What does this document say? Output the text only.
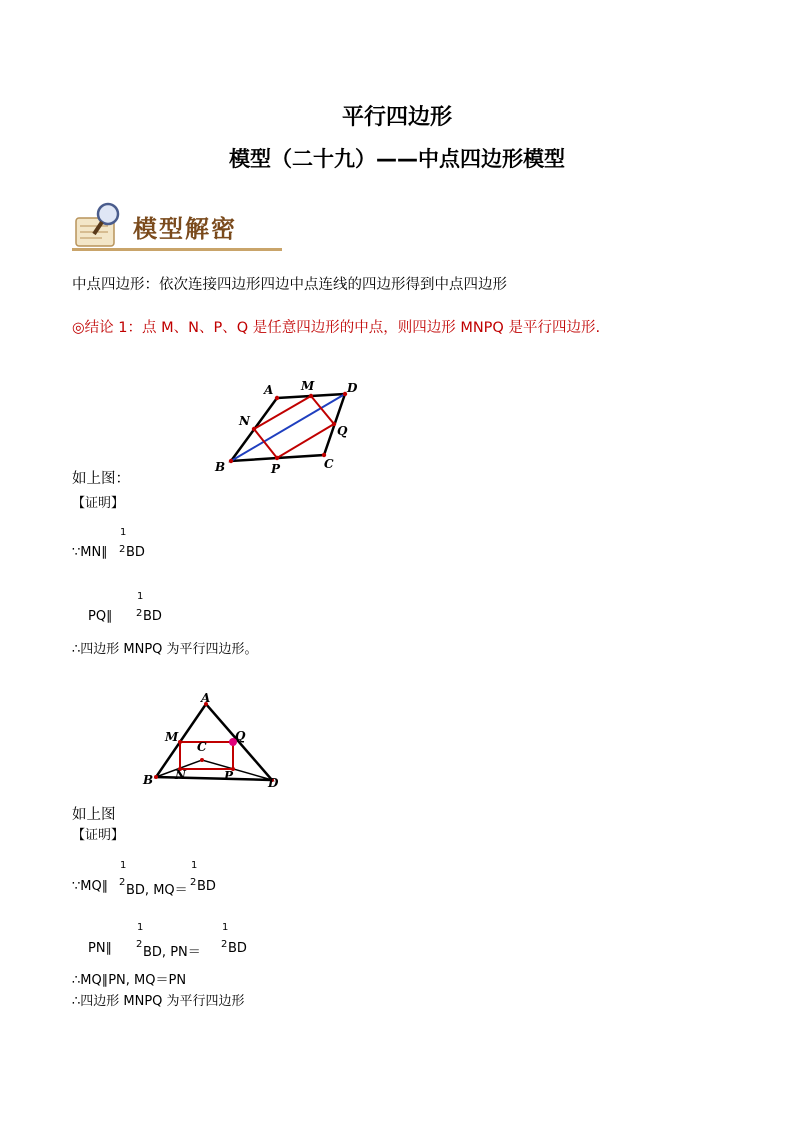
平行四边形
模型（二十九）——中点四边形模型
模型解密
中点四边形：依次连接四边形四边中点连线的四边形得到中点四边形
◎结论 1：点 M、N、P、Q 是任意四边形的中点，则四边形 MNPQ 是平行四边形.
A M	D
N
Q
B	P	C
如上图：
【证明】
∵MN∥
1
2 BD
PQ∥
1
2 BD
∴四边形 MNPQ 为平行四边形。
A
M	Q
C
B N	P	D
如上图
【证明】
∵MQ∥
1
2
BD, MQ＝
1
2 BD
PN∥
1
2
BD, PN＝
1
2 BD
∴MQ∥PN, MQ＝PN
∴四边形 MNPQ 为平行四边形
